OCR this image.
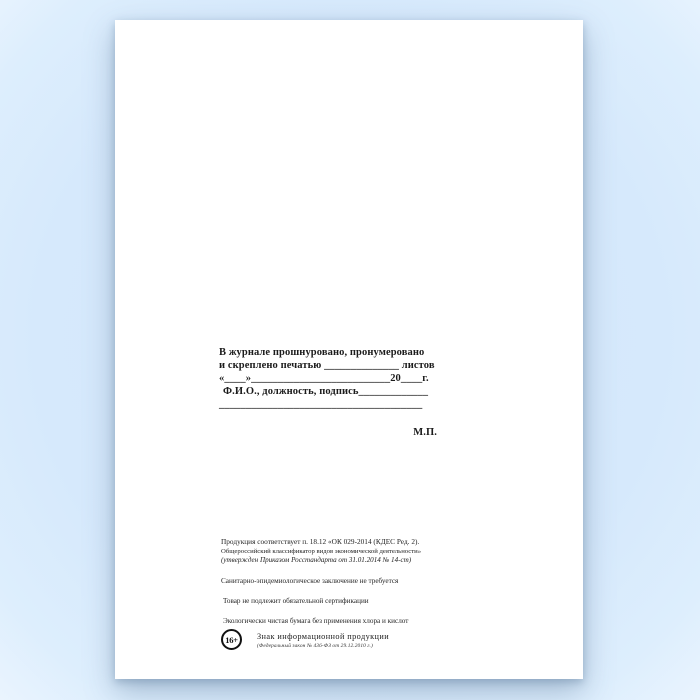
В журнале прошнуровано, пронумеровано

и скреплено печатью ______________ листов

«____»__________________________20____г.

Ф.И.О., должность, подпись_____________

______________________________________

М.П.

Продукция соответствует п. 18.12 «ОК 029-2014 (КДЕС Ред. 2).

Общероссийский классификатор видов экономической деятельности»

(утвержден Приказом Росстандарта от 31.01.2014 № 14-ст)

Санитарно-эпидемиологическое заключение не требуется

Товар не подлежит обязательной сертификации

Экологически чистая бумага без применения хлора и кислот

16+ Знак информационной продукции

(Федеральный закон № 436-ФЗ от 29.12.2010 г.)
